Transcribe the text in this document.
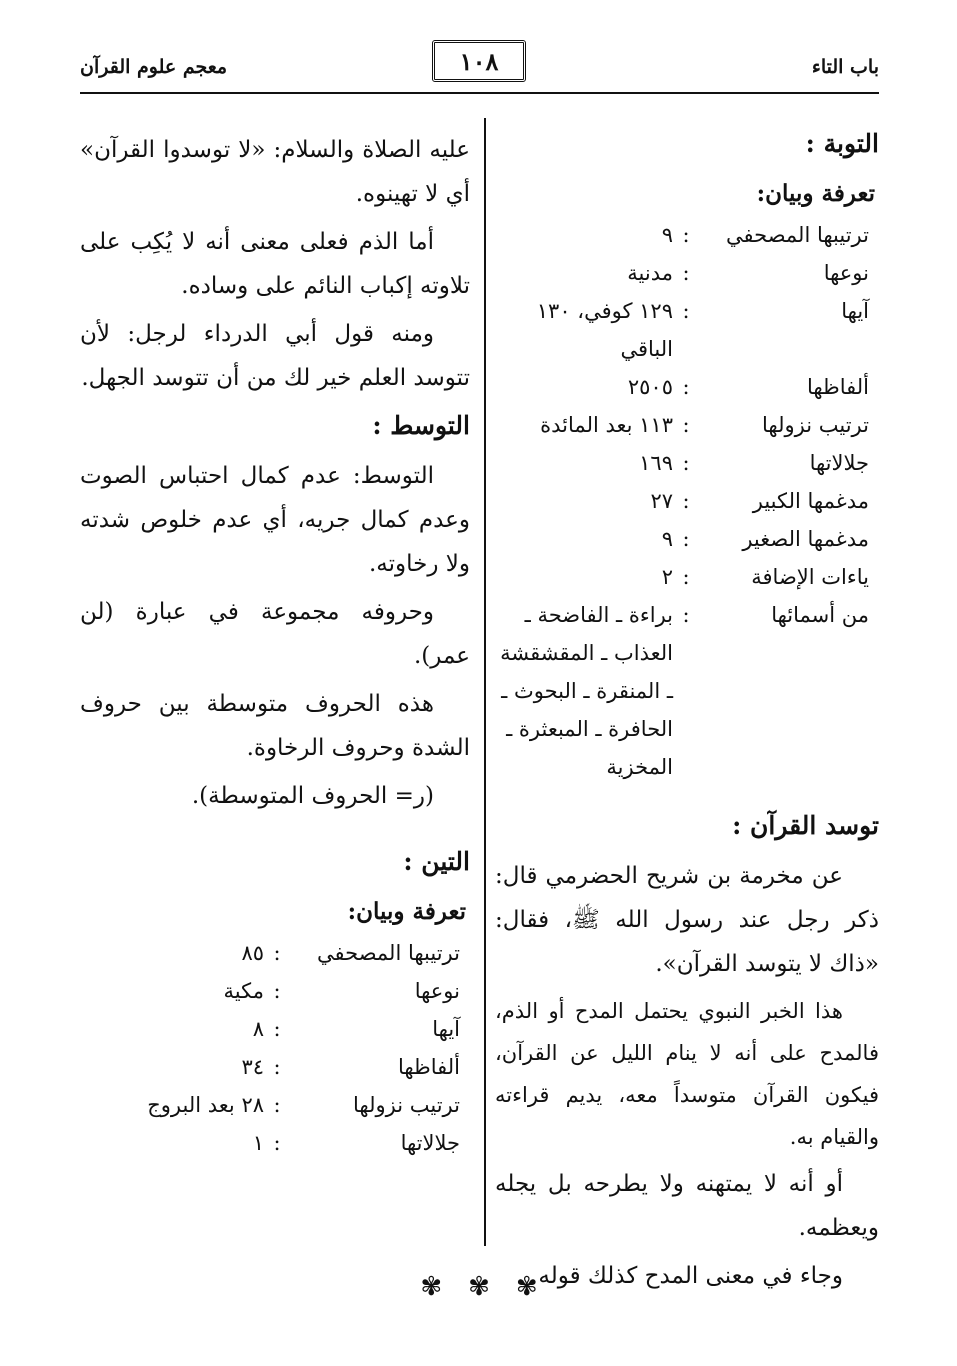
باب التاء
١٠٨
معجم علوم القرآن
التوبة :
تعرفة وبيان:
ترتيبها المصحفي	:	٩
نوعها	:	مدنية
آيها	:	١٢٩ كوفي، ١٣٠ الباقي
ألفاظها	:	٢٥٠٥
ترتيب نزولها	:	١١٣ بعد المائدة
جلالاتها	:	١٦٩
مدغمها الكبير	:	٢٧
مدغمها الصغير	:	٩
ياءات الإضافة	:	٢
من أسمائها	:	براءة ـ الفاضحة ـ العذاب ـ المقشقشة ـ المنقرة ـ البحوث ـ الحافرة ـ المبعثرة ـ المخزية
توسد القرآن :

عن مخرمة بن شريح الحضرمي قال: ذكر رجل عند رسول الله ﷺ، فقال: «ذاك لا يتوسد القرآن».

هذا الخبر النبوي يحتمل المدح أو الذم، فالمدح على أنه لا ينام الليل عن القرآن، فيكون القرآن متوسداً معه، يديم قراءته والقيام به.

أو أنه لا يمتهنه ولا يطرحه بل يجله ويعظمه.

وجاء في معنى المدح كذلك قوله

عليه الصلاة والسلام: «لا توسدوا القرآن» أي لا تهينوه.

أما الذم فعلى معنى أنه لا يُكِب على تلاوته إكباب النائم على وساده.

ومنه قول أبي الدرداء لرجل: لأن تتوسد العلم خير لك من أن تتوسد الجهل.

التوسط :

التوسط: عدم كمال احتباس الصوت وعدم كمال جريه، أي عدم خلوص شدته ولا رخاوته.

وحروفه مجموعة في عبارة (لن عمر).

هذه الحروف متوسطة بين حروف الشدة وحروف الرخاوة.

(ر= الحروف المتوسطة).

التين :
تعرفة وبيان:
ترتيبها المصحفي	:	٨٥
نوعها	:	مكية
آيها	:	٨
ألفاظها	:	٣٤
ترتيب نزولها	:	٢٨ بعد البروج
جلالاتها	:	١
✾✾✾
